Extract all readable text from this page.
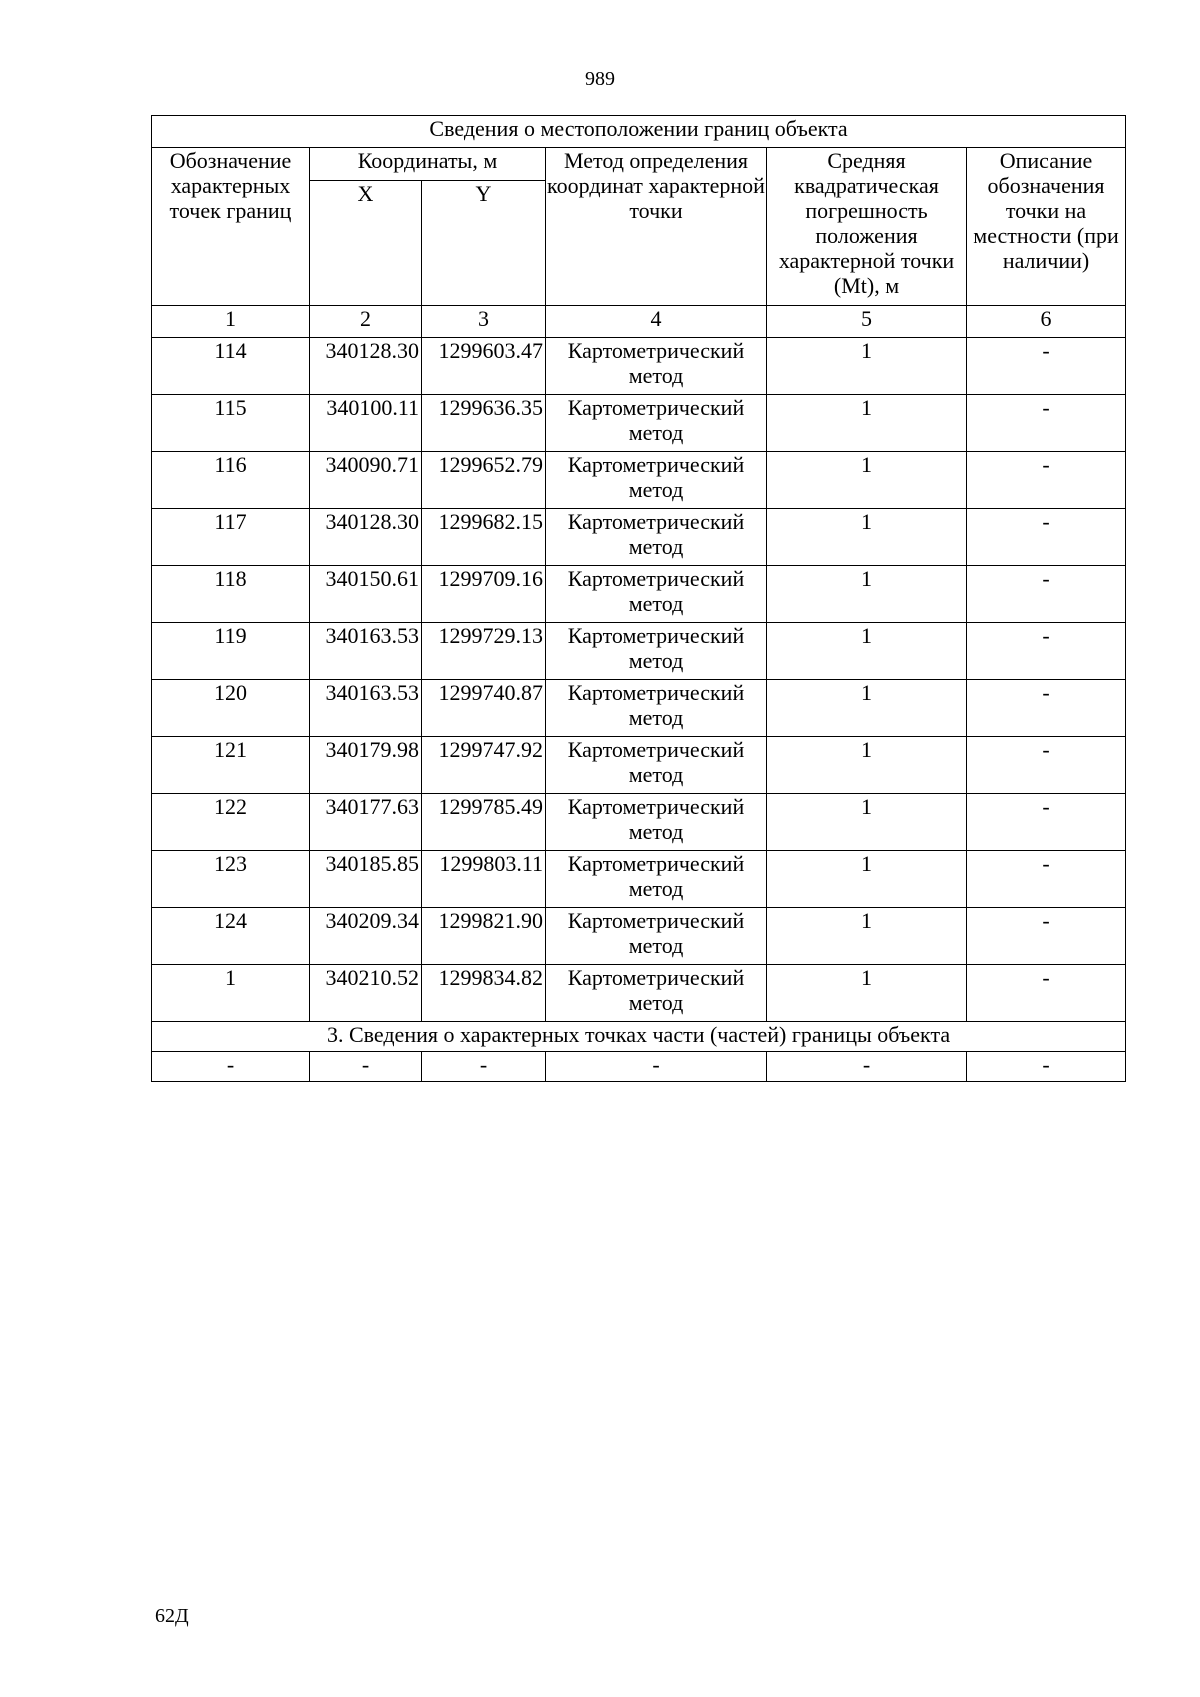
989
Сведения о местоположении границ объекта					
Обозначение характерных точек границ	Координаты, м		Метод определения координат характерной точки	Средняя квадратическая погрешность положения характерной точки (Mt), м	Описание обозначения точки на местности (при наличии)
	X	Y			
1	2	3	4	5	6
114	340128.30	1299603.47	Картометрический метод	1	-
115	340100.11	1299636.35	Картометрический метод	1	-
116	340090.71	1299652.79	Картометрический метод	1	-
117	340128.30	1299682.15	Картометрический метод	1	-
118	340150.61	1299709.16	Картометрический метод	1	-
119	340163.53	1299729.13	Картометрический метод	1	-
120	340163.53	1299740.87	Картометрический метод	1	-
121	340179.98	1299747.92	Картометрический метод	1	-
122	340177.63	1299785.49	Картометрический метод	1	-
123	340185.85	1299803.11	Картометрический метод	1	-
124	340209.34	1299821.90	Картометрический метод	1	-
1	340210.52	1299834.82	Картометрический метод	1	-
3. Сведения о характерных точках части (частей) границы объекта					
-	-	-	-	-	-
62Д
